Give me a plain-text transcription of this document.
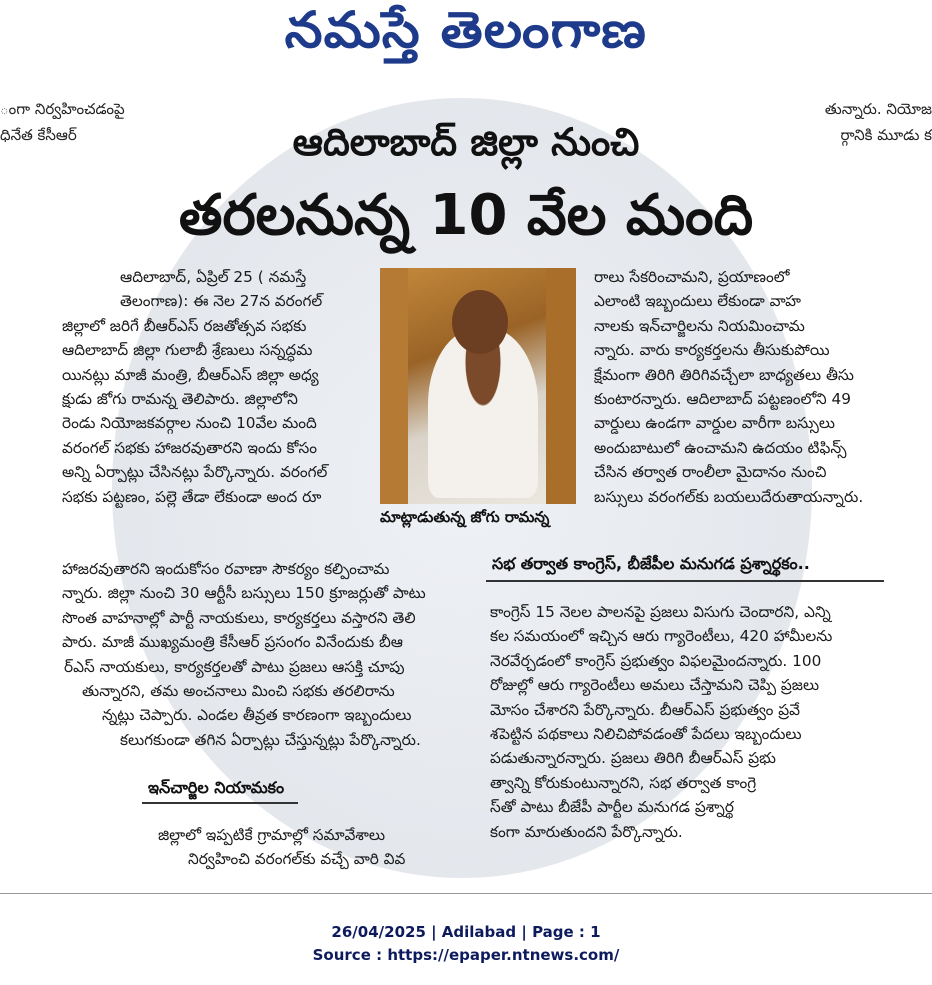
నమస్తే తెలంగాణ
ంగా నిర్వహించడంపై
ధినేత కేసీఆర్
తున్నారు. నియోజ
ర్గానికి మూడు క
ఆదిలాబాద్ జిల్లా నుంచి
తరలనున్న 10 వేల మంది
ఆదిలాబాద్, ఏప్రిల్ 25 ( నమస్తే
తెలంగాణ): ఈ నెల 27న వరంగల్
జిల్లాలో జరిగే బీఆర్ఎస్ రజతోత్సవ సభకు
ఆదిలాబాద్ జిల్లా గులాబీ శ్రేణులు సన్నద్ధమ
యినట్లు మాజీ మంత్రి, బీఆర్ఎస్ జిల్లా అధ్య
క్షుడు జోగు రామన్న తెలిపారు. జిల్లాలోని
రెండు నియోజకవర్గాల నుంచి 10వేల మంది
వరంగల్ సభకు హాజరవుతారని ఇందు కోసం
అన్ని ఏర్పాట్లు చేసినట్లు పేర్కొన్నారు. వరంగల్
సభకు పట్టణం, పల్లె తేడా లేకుండా అంద రూ
మాట్లాడుతున్న జోగు రామన్న
హాజరవుతారని ఇందుకోసం రవాణా సౌకర్యం కల్పించామ
న్నారు. జిల్లా నుంచి 30 ఆర్టీసీ బస్సులు 150 క్రూజర్లుతో పాటు
సొంత వాహనాల్లో పార్టీ నాయకులు, కార్యకర్తలు వస్తారని తెలి
పారు. మాజీ ముఖ్యమంత్రి కేసీఆర్ ప్రసంగం వినేందుకు బీఆ
ర్ఎస్ నాయకులు, కార్యకర్తలతో పాటు ప్రజలు ఆసక్తి చూపు
తున్నారని, తమ అంచనాలు మించి సభకు తరలిరాను
న్నట్లు చెప్పారు. ఎండల తీవ్రత కారణంగా ఇబ్బందులు
కలుగకుండా తగిన ఏర్పాట్లు చేస్తున్నట్లు పేర్కొన్నారు.
ఇన్‌చార్జిల నియామకం
జిల్లాలో ఇప్పటికే గ్రామాల్లో సమావేశాలు
నిర్వహించి వరంగల్‌కు వచ్చే వారి వివ
రాలు సేకరించామని, ప్రయాణంలో
ఎలాంటి ఇబ్బందులు లేకుండా వాహ
నాలకు ఇన్‌చార్జిలను నియమించామ
న్నారు. వారు కార్యకర్తలను తీసుకుపోయి
క్షేమంగా తిరిగి తిరిగివచ్చేలా బాధ్యతలు తీసు
కుంటారన్నారు. ఆదిలాబాద్ పట్టణంలోని 49
వార్డులు ఉండగా వార్డుల వారీగా బస్సులు
అందుబాటులో ఉంచామని ఉదయం టిఫిన్స్
చేసిన తర్వాత రాంలీలా మైదానం నుంచి
బస్సులు వరంగల్‌కు బయలుదేరుతాయన్నారు.
సభ తర్వాత కాంగ్రెస్, బీజేపీల మనుగడ ప్రశ్నార్థకం..
కాంగ్రెస్ 15 నెలల పాలనపై ప్రజలు విసుగు చెందారని, ఎన్ని
కల సమయంలో ఇచ్చిన ఆరు గ్యారెంటీలు, 420 హామీలను
నెరవేర్చడంలో కాంగ్రెస్ ప్రభుత్వం విఫలమైందన్నారు. 100
రోజుల్లో ఆరు గ్యారెంటీలు అమలు చేస్తామని చెప్పి ప్రజలు
మోసం చేశారని పేర్కొన్నారు. బీఆర్ఎస్ ప్రభుత్వం ప్రవే
శపెట్టిన పథకాలు నిలిచిపోవడంతో పేదలు ఇబ్బందులు
పడుతున్నారన్నారు. ప్రజలు తిరిగి బీఆర్ఎస్ ప్రభు
త్వాన్ని కోరుకుంటున్నారని, సభ తర్వాత కాంగ్రె
స్‌తో పాటు బీజేపీ పార్టీల మనుగడ ప్రశ్నార్థ
కంగా మారుతుందని పేర్కొన్నారు.
26/04/2025 | Adilabad | Page : 1
Source : https://epaper.ntnews.com/
